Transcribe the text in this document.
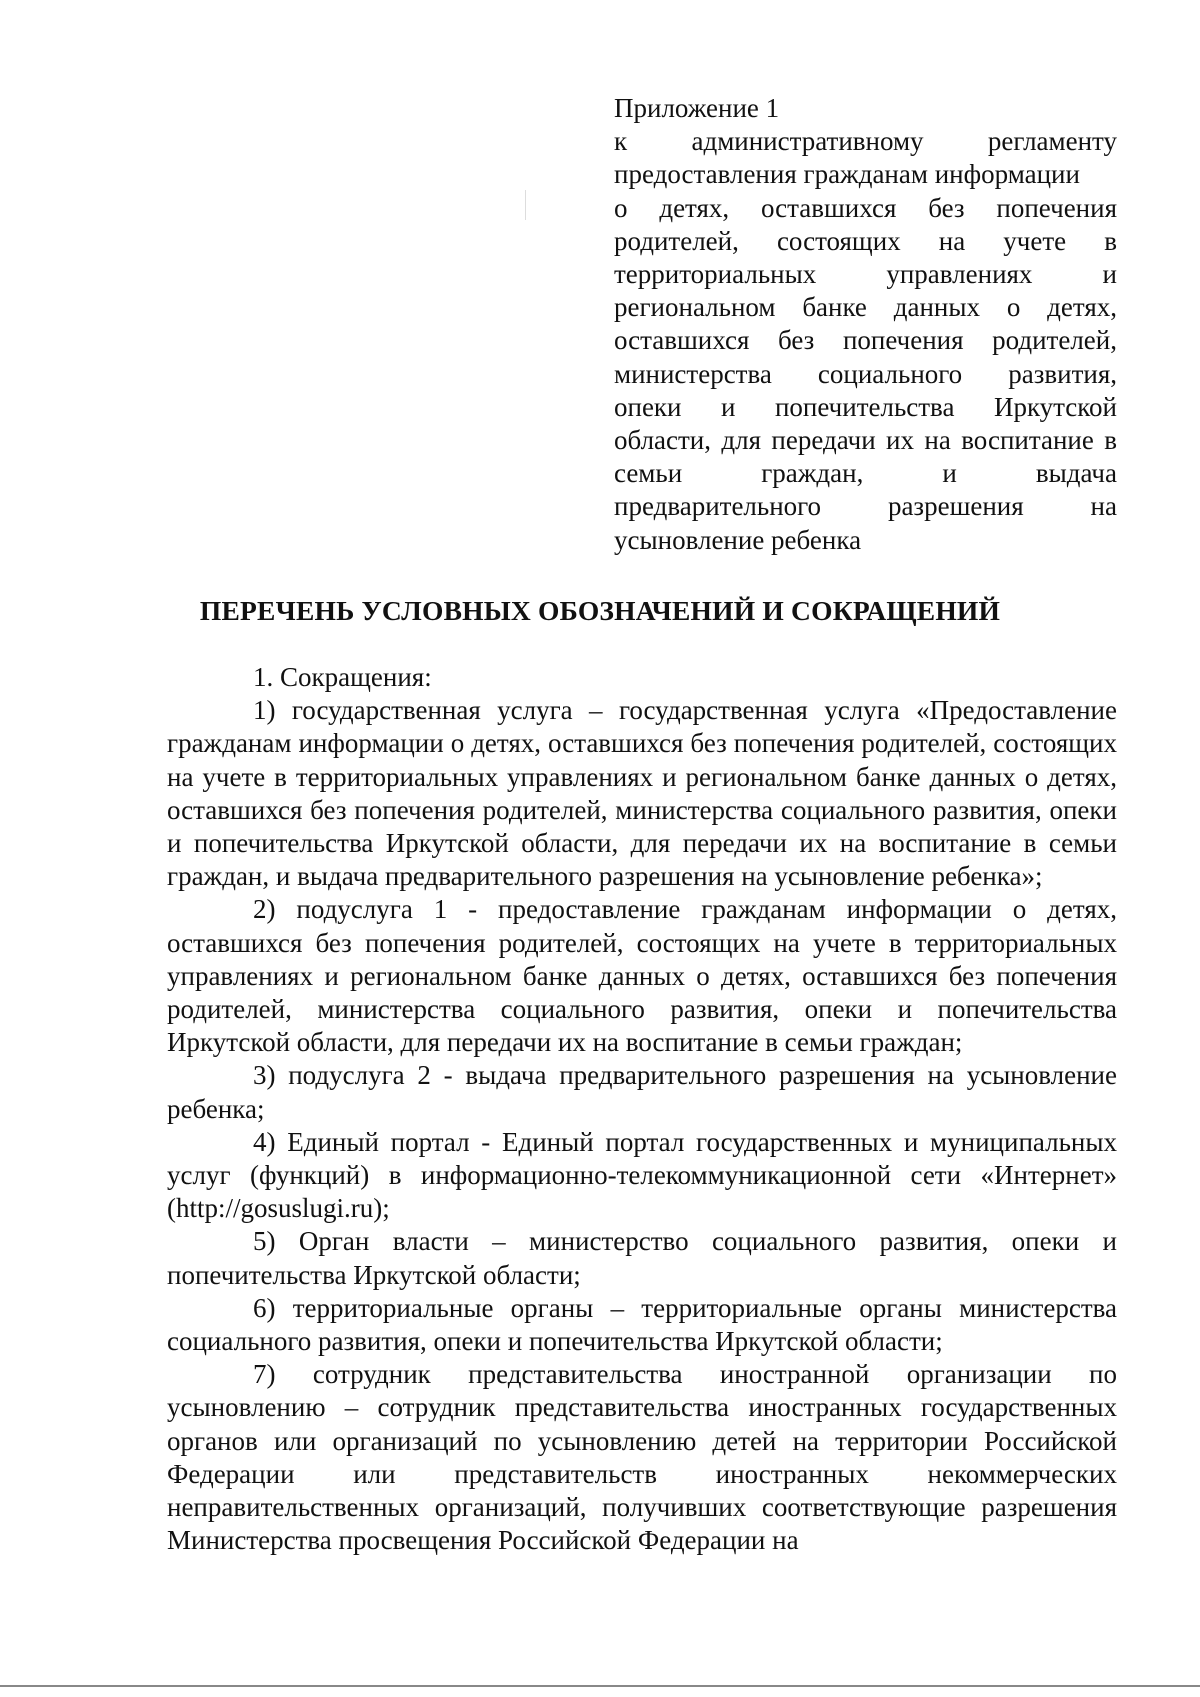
Приложение 1
к административному регламенту
предоставления гражданам информации
о детях, оставшихся без попечения
родителей, состоящих на учете в
территориальных управлениях и
региональном банке данных о детях,
оставшихся без попечения родителей,
министерства социального развития,
опеки и попечительства Иркутской
области, для передачи их на воспитание в
семьи граждан, и выдача
предварительного разрешения на
усыновление ребенка
ПЕРЕЧЕНЬ УСЛОВНЫХ ОБОЗНАЧЕНИЙ И СОКРАЩЕНИЙ

1. Сокращения:

1) государственная услуга – государственная услуга «Предоставление гражданам информации о детях, оставшихся без попечения родителей, состоящих на учете в территориальных управлениях и региональном банке данных о детях, оставшихся без попечения родителей, министерства социального развития, опеки и попечительства Иркутской области, для передачи их на воспитание в семьи граждан, и выдача предварительного разрешения на усыновление ребенка»;

2) подуслуга 1 - предоставление гражданам информации о детях, оставшихся без попечения родителей, состоящих на учете в территориальных управлениях и региональном банке данных о детях, оставшихся без попечения родителей, министерства социального развития, опеки и попечительства Иркутской области, для передачи их на воспитание в семьи граждан;

3) подуслуга 2 - выдача предварительного разрешения на усыновление ребенка;

4) Единый портал - Единый портал государственных и муниципальных услуг (функций) в информационно-телекоммуникационной сети «Интернет» (http://gosuslugi.ru);

5) Орган власти – министерство социального развития, опеки и попечительства Иркутской области;

6) территориальные органы – территориальные органы министерства социального развития, опеки и попечительства Иркутской области;

7) сотрудник представительства иностранной организации по усыновлению – сотрудник представительства иностранных государственных органов или организаций по усыновлению детей на территории Российской Федерации или представительств иностранных некоммерческих неправительственных организаций, получивших соответствующие разрешения Министерства просвещения Российской Федерации на
